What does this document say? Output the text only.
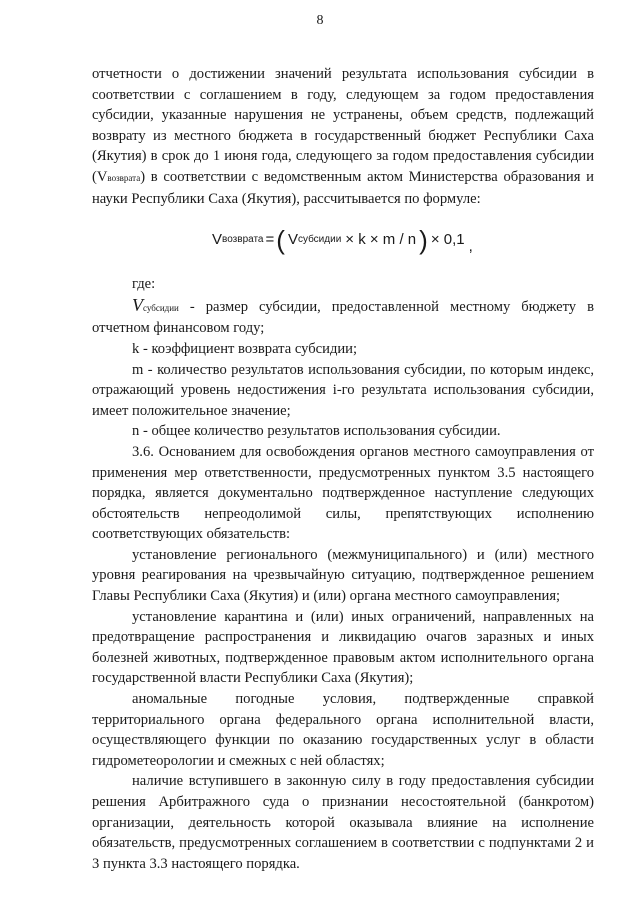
8

отчетности о достижении значений результата использования субсидии в соответствии с соглашением в году, следующем за годом предоставления субсидии, указанные нарушения не устранены, объем средств, подлежащий возврату из местного бюджета в государственный бюджет Республики Саха (Якутия) в срок до 1 июня года, следующего за годом предоставления субсидии (Vвозврата) в соответствии с ведомственным актом Министерства образования и науки Республики Саха (Якутия), рассчитывается по формуле:

V возврата = ( V субсидии × k × m / n ) × 0,1 ,

где:

Vсубсидии - размер субсидии, предоставленной местному бюджету в отчетном финансовом году;

k - коэффициент возврата субсидии;

m - количество результатов использования субсидии, по которым индекс, отражающий уровень недостижения i-го результата использования субсидии, имеет положительное значение;

n - общее количество результатов использования субсидии.

3.6. Основанием для освобождения органов местного самоуправления от применения мер ответственности, предусмотренных пунктом 3.5 настоящего порядка, является документально подтвержденное наступление следующих обстоятельств непреодолимой силы, препятствующих исполнению соответствующих обязательств:

установление регионального (межмуниципального) и (или) местного уровня реагирования на чрезвычайную ситуацию, подтвержденное решением Главы Республики Саха (Якутия) и (или) органа местного самоуправления;

установление карантина и (или) иных ограничений, направленных на предотвращение распространения и ликвидацию очагов заразных и иных болезней животных, подтвержденное правовым актом исполнительного органа государственной власти Республики Саха (Якутия);

аномальные погодные условия, подтвержденные справкой территориального органа федерального органа исполнительной власти, осуществляющего функции по оказанию государственных услуг в области гидрометеорологии и смежных с ней областях;

наличие вступившего в законную силу в году предоставления субсидии решения Арбитражного суда о признании несостоятельной (банкротом) организации, деятельность которой оказывала влияние на исполнение обязательств, предусмотренных соглашением в соответствии с подпунктами 2 и 3 пункта 3.3 настоящего порядка.
